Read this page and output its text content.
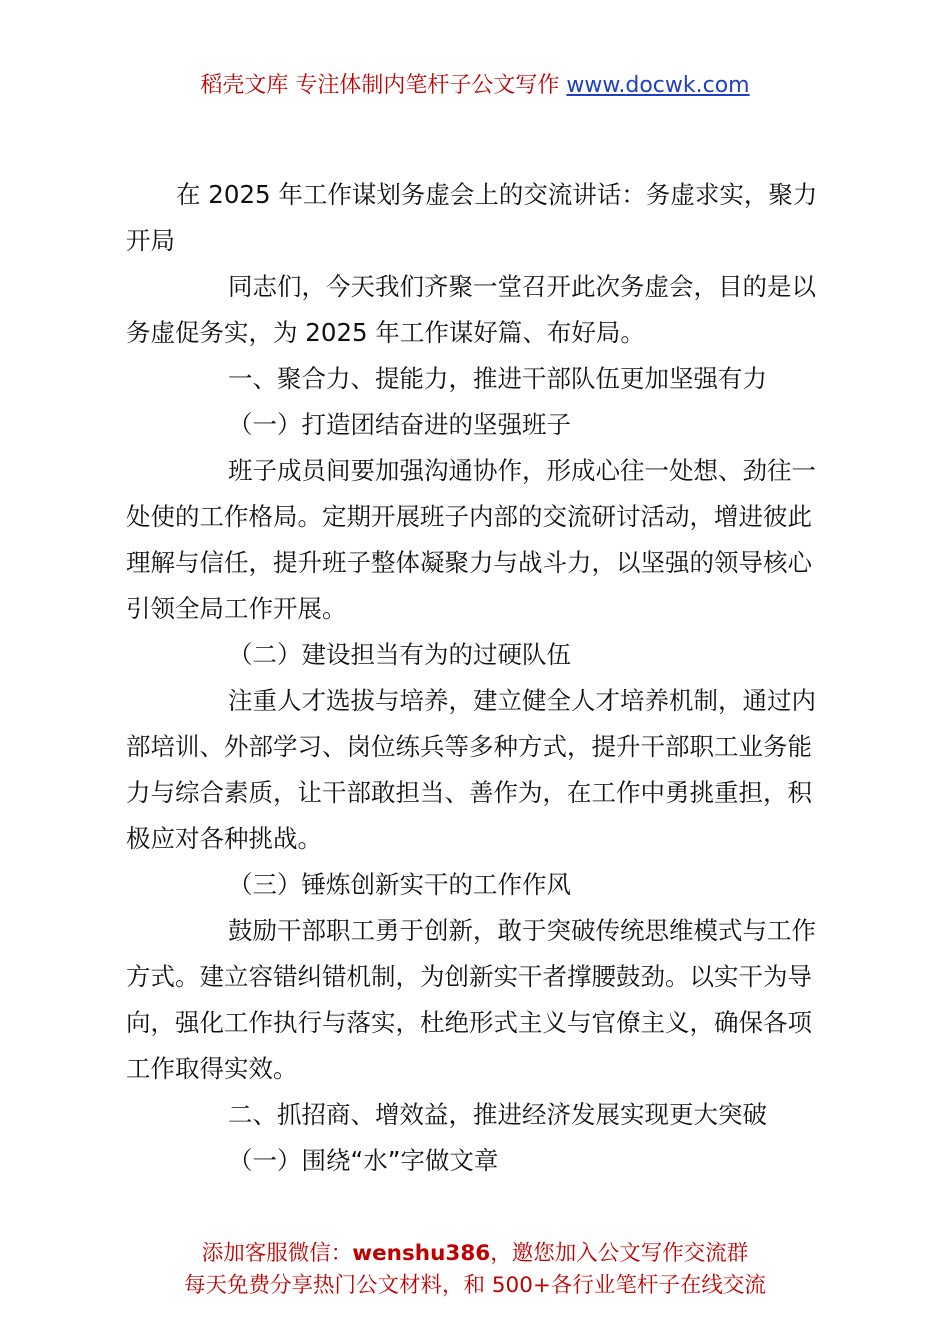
稻壳文库 专注体制内笔杆子公文写作 www.docwk.com

在 2025 年工作谋划务虚会上的交流讲话：务虚求实，聚力开局

同志们，今天我们齐聚一堂召开此次务虚会，目的是以务虚促务实，为 2025 年工作谋好篇、布好局。

一、聚合力、提能力，推进干部队伍更加坚强有力

（一）打造团结奋进的坚强班子

班子成员间要加强沟通协作，形成心往一处想、劲往一处使的工作格局。定期开展班子内部的交流研讨活动，增进彼此理解与信任，提升班子整体凝聚力与战斗力，以坚强的领导核心引领全局工作开展。

（二）建设担当有为的过硬队伍

注重人才选拔与培养，建立健全人才培养机制，通过内部培训、外部学习、岗位练兵等多种方式，提升干部职工业务能力与综合素质，让干部敢担当、善作为，在工作中勇挑重担，积极应对各种挑战。

（三）锤炼创新实干的工作作风

鼓励干部职工勇于创新，敢于突破传统思维模式与工作方式。建立容错纠错机制，为创新实干者撑腰鼓劲。以实干为导向，强化工作执行与落实，杜绝形式主义与官僚主义，确保各项工作取得实效。

二、抓招商、增效益，推进经济发展实现更大突破

（一）围绕“水”字做文章

添加客服微信：wenshu386，邀您加入公文写作交流群
每天免费分享热门公文材料，和 500+各行业笔杆子在线交流
